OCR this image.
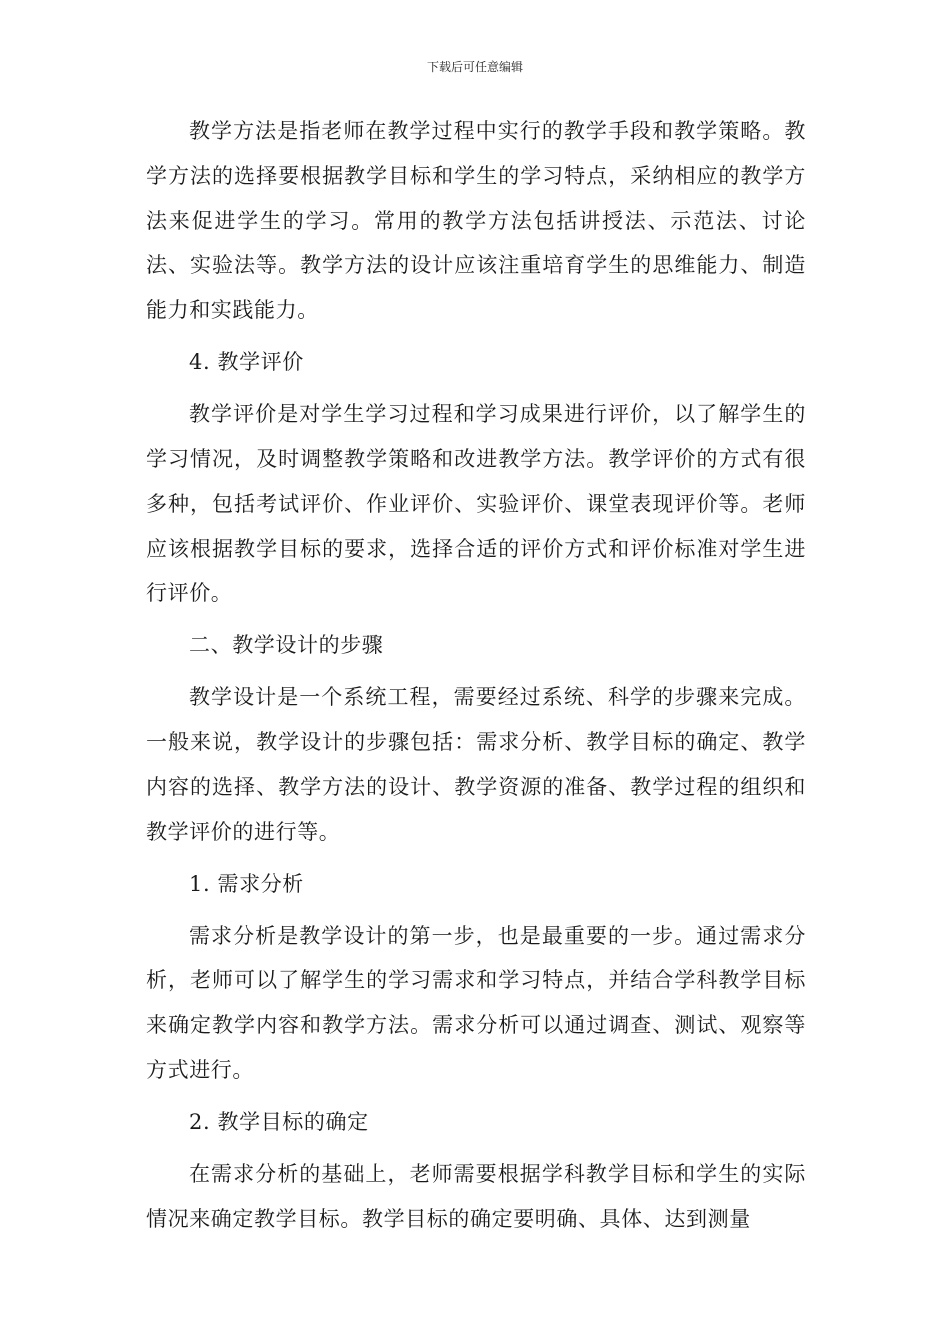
下载后可任意编辑

教学方法是指老师在教学过程中实行的教学手段和教学策略。教学方法的选择要根据教学目标和学生的学习特点，采纳相应的教学方法来促进学生的学习。常用的教学方法包括讲授法、示范法、讨论法、实验法等。教学方法的设计应该注重培育学生的思维能力、制造能力和实践能力。

4. 教学评价

教学评价是对学生学习过程和学习成果进行评价，以了解学生的学习情况，及时调整教学策略和改进教学方法。教学评价的方式有很多种，包括考试评价、作业评价、实验评价、课堂表现评价等。老师应该根据教学目标的要求，选择合适的评价方式和评价标准对学生进行评价。

二、教学设计的步骤

教学设计是一个系统工程，需要经过系统、科学的步骤来完成。一般来说，教学设计的步骤包括：需求分析、教学目标的确定、教学内容的选择、教学方法的设计、教学资源的准备、教学过程的组织和教学评价的进行等。

1. 需求分析

需求分析是教学设计的第一步，也是最重要的一步。通过需求分析，老师可以了解学生的学习需求和学习特点，并结合学科教学目标来确定教学内容和教学方法。需求分析可以通过调查、测试、观察等方式进行。

2. 教学目标的确定

在需求分析的基础上，老师需要根据学科教学目标和学生的实际情况来确定教学目标。教学目标的确定要明确、具体、达到测量
